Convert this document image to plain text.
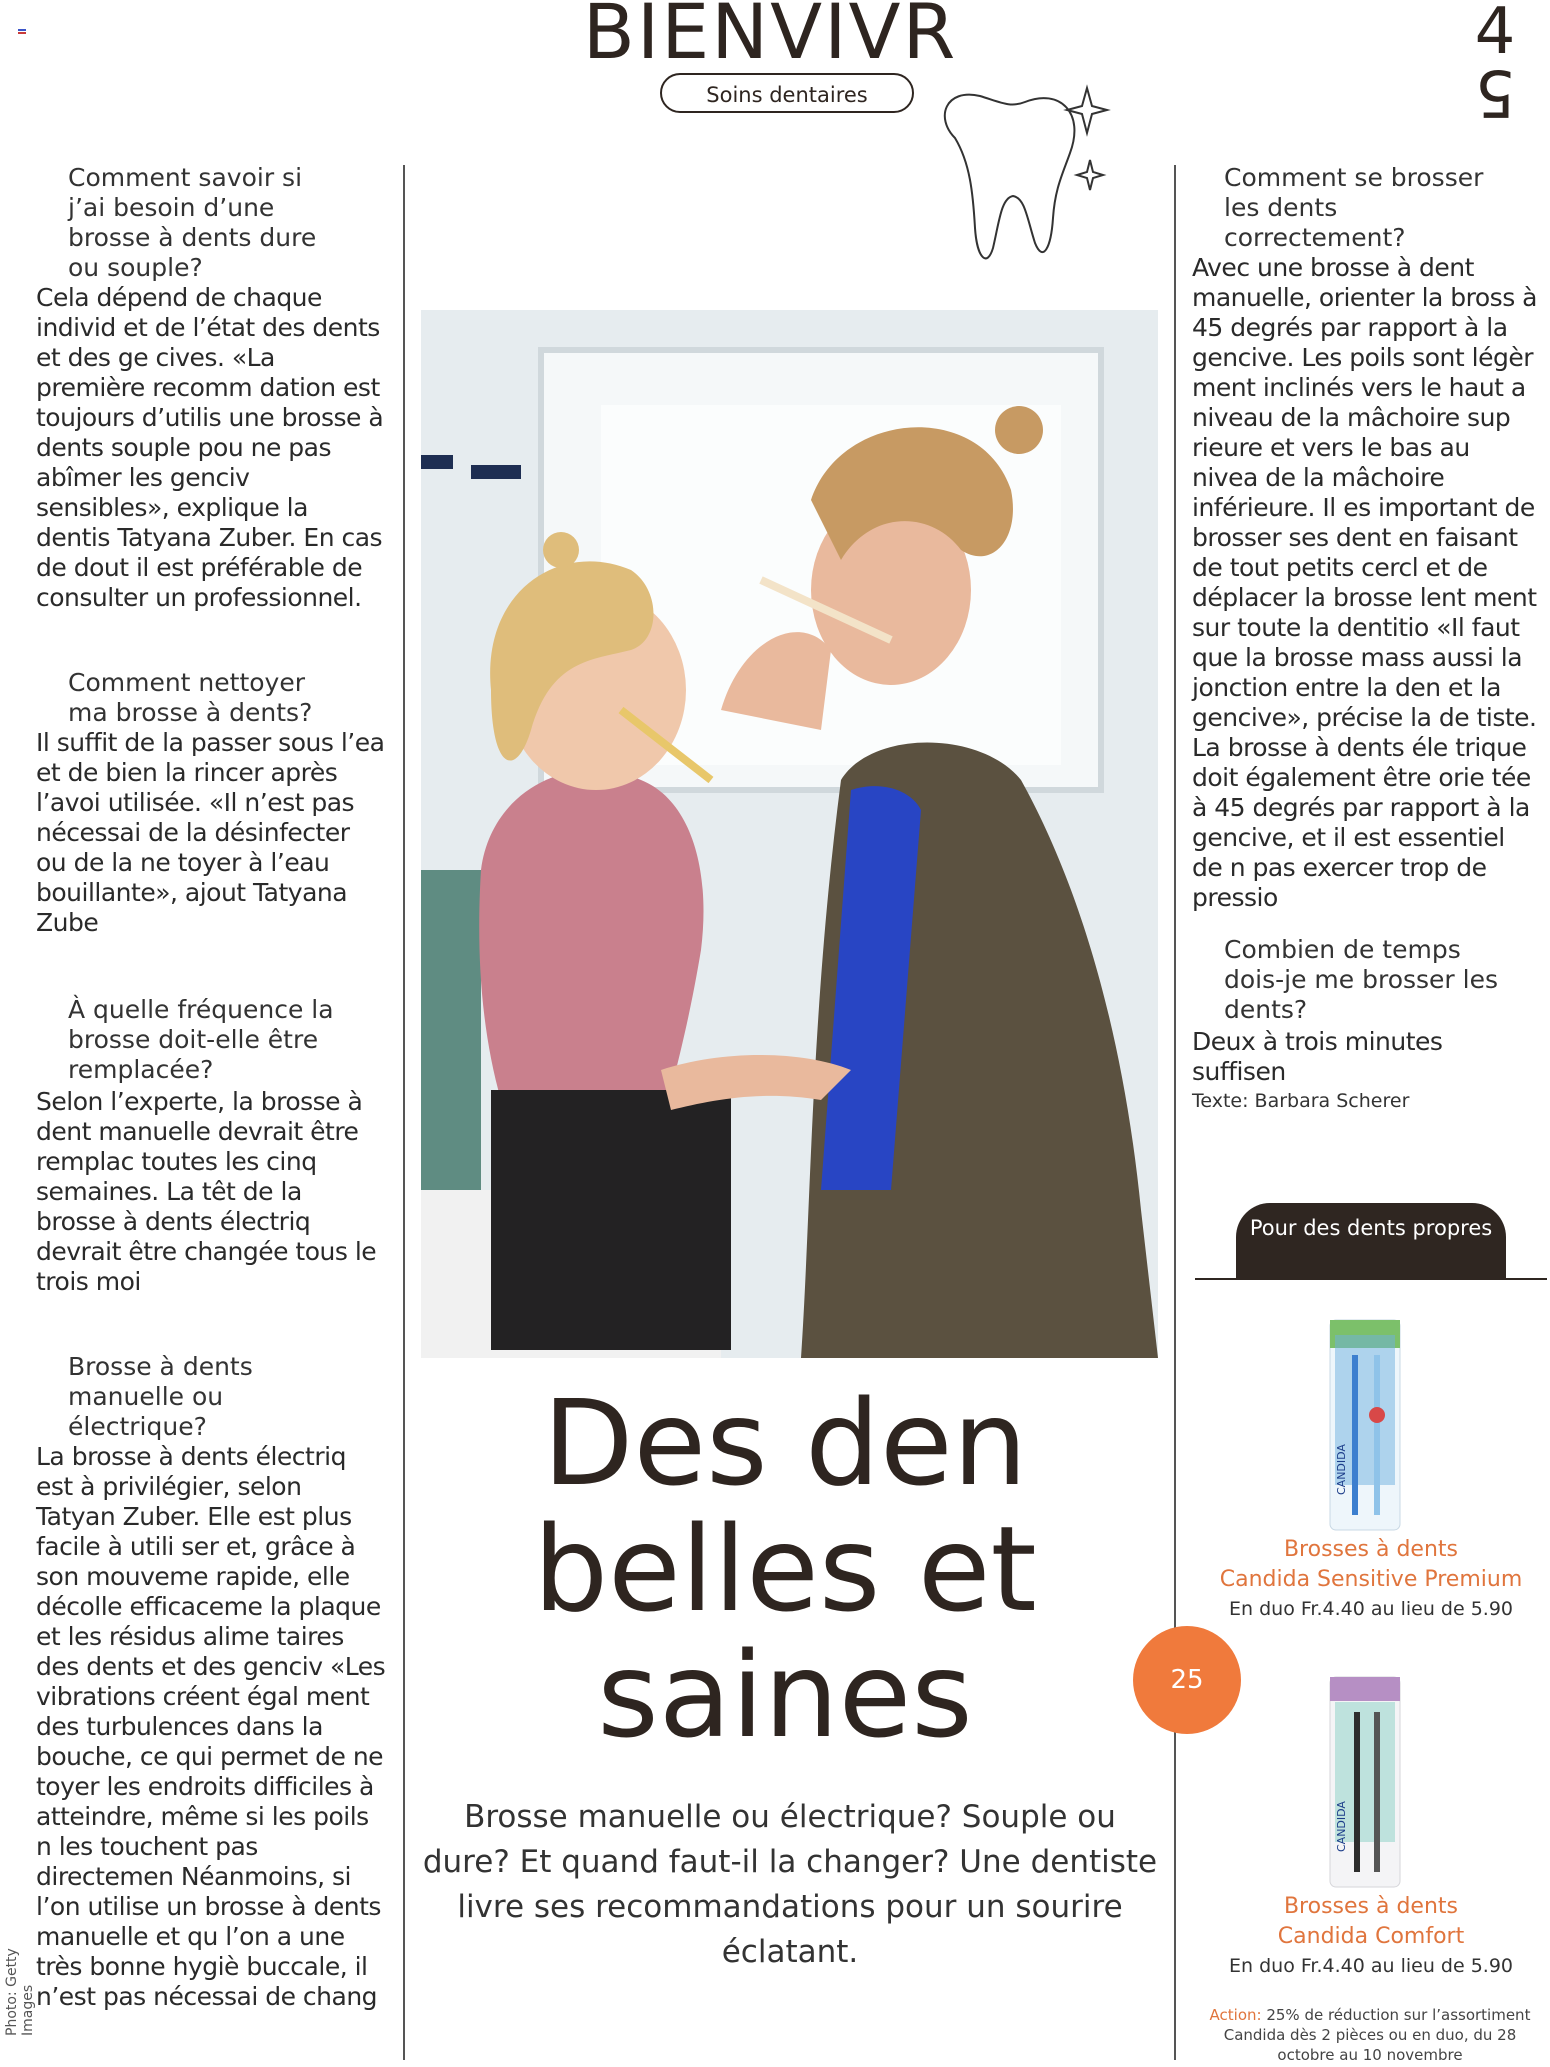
BIENVIVR
Soins dentaires
4
5
Comment savoir si j’ai besoin d’une brosse à dents dure ou souple?
Cela dépend de chaque individ et de l’état des dents et des ge cives. «La première recomm dation est toujours d’utilis une brosse à dents souple pou ne pas abîmer les genciv sensibles», explique la dentis Tatyana Zuber. En cas de dout il est préférable de consulter un professionnel.
Comment nettoyer ma brosse à dents?
Il suffit de la passer sous l’ea et de bien la rincer après l’avoi utilisée. «Il n’est pas nécessai de la désinfecter ou de la ne toyer à l’eau bouillante», ajout Tatyana Zube
À quelle fréquence la brosse doit-elle être remplacée?
Selon l’experte, la brosse à dent manuelle devrait être remplac toutes les cinq semaines. La têt de la brosse à dents électriq devrait être changée tous le trois moi
Brosse à dents manuelle ou électrique?
La brosse à dents électriq est à privilégier, selon Tatyan Zuber. Elle est plus facile à utili ser et, grâce à son mouveme rapide, elle décolle efficaceme la plaque et les résidus alime taires des dents et des genciv «Les vibrations créent égal ment des turbulences dans la bouche, ce qui permet de ne toyer les endroits difficiles à atteindre, même si les poils n les touchent pas directemen Néanmoins, si l’on utilise un brosse à dents manuelle et qu l’on a une très bonne hygiè buccale, il n’est pas nécessai de chang
Photo: Getty Images
Des den
belles et
saines
Brosse manuelle ou électrique? Souple ou dure? Et quand faut-il la changer? Une dentiste livre ses recommandations pour un sourire éclatant.
25
Comment se brosser les dents correctement?
Avec une brosse à dent manuelle, orienter la bross à 45 degrés par rapport à la gencive. Les poils sont légèr ment inclinés vers le haut a niveau de la mâchoire sup rieure et vers le bas au nivea de la mâchoire inférieure. Il es important de brosser ses dent en faisant de tout petits cercl et de déplacer la brosse lent ment sur toute la dentitio «Il faut que la brosse mass aussi la jonction entre la den et la gencive», précise la de tiste. La brosse à dents éle trique doit également être orie tée à 45 degrés par rapport à la gencive, et il est essentiel de n pas exercer trop de pressio
Combien de temps dois-je me brosser les dents?
Deux à trois minutes suffisen
Texte: Barbara Scherer
Pour des dents propres
CANDIDA
Brosses à dents
Candida Sensitive Premium
En duo Fr.4.40 au lieu de 5.90
CANDIDA
Brosses à dents
Candida Comfort
En duo Fr.4.40 au lieu de 5.90
Action: 25% de réduction sur l’assortiment Candida dès 2 pièces ou en duo, du 28 octobre au 10 novembre
